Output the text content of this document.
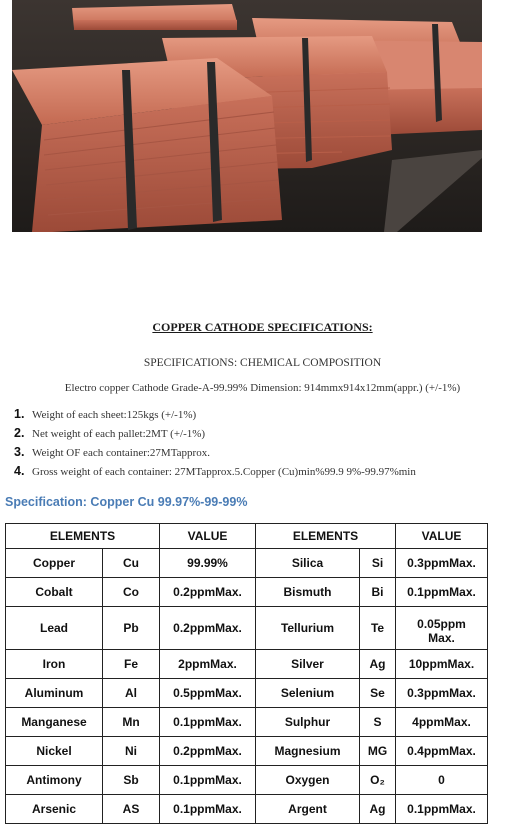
COPPER CATHODE SPECIFICATIONS:
SPECIFICATIONS: CHEMICAL COMPOSITION
Electro copper Cathode Grade-A-99.99% Dimension: 914mmx914x12mm(appr.) (+/-1%)
1. Weight of each sheet:125kgs (+/-1%)
2. Net weight of each pallet:2MT (+/-1%)
3. Weight OF each container:27MTapprox.
4. Gross weight of each container: 27MTapprox.5.Copper (Cu)min%99.9 9%-99.97%min
Specification: Copper Cu 99.97%-99-99%
ELEMENTS		VALUE	ELEMENTS		VALUE
Copper	Cu	99.99%	Silica	Si	0.3ppmMax.
Cobalt	Co	0.2ppmMax.	Bismuth	Bi	0.1ppmMax.
Lead	Pb	0.2ppmMax.	Tellurium	Te	0.05ppm Max.
Iron	Fe	2ppmMax.	Silver	Ag	10ppmMax.
Aluminum	Al	0.5ppmMax.	Selenium	Se	0.3ppmMax.
Manganese	Mn	0.1ppmMax.	Sulphur	S	4ppmMax.
Nickel	Ni	0.2ppmMax.	Magnesium	MG	0.4ppmMax.
Antimony	Sb	0.1ppmMax.	Oxygen	O₂	0
Arsenic	AS	0.1ppmMax.	Argent	Ag	0.1ppmMax.
